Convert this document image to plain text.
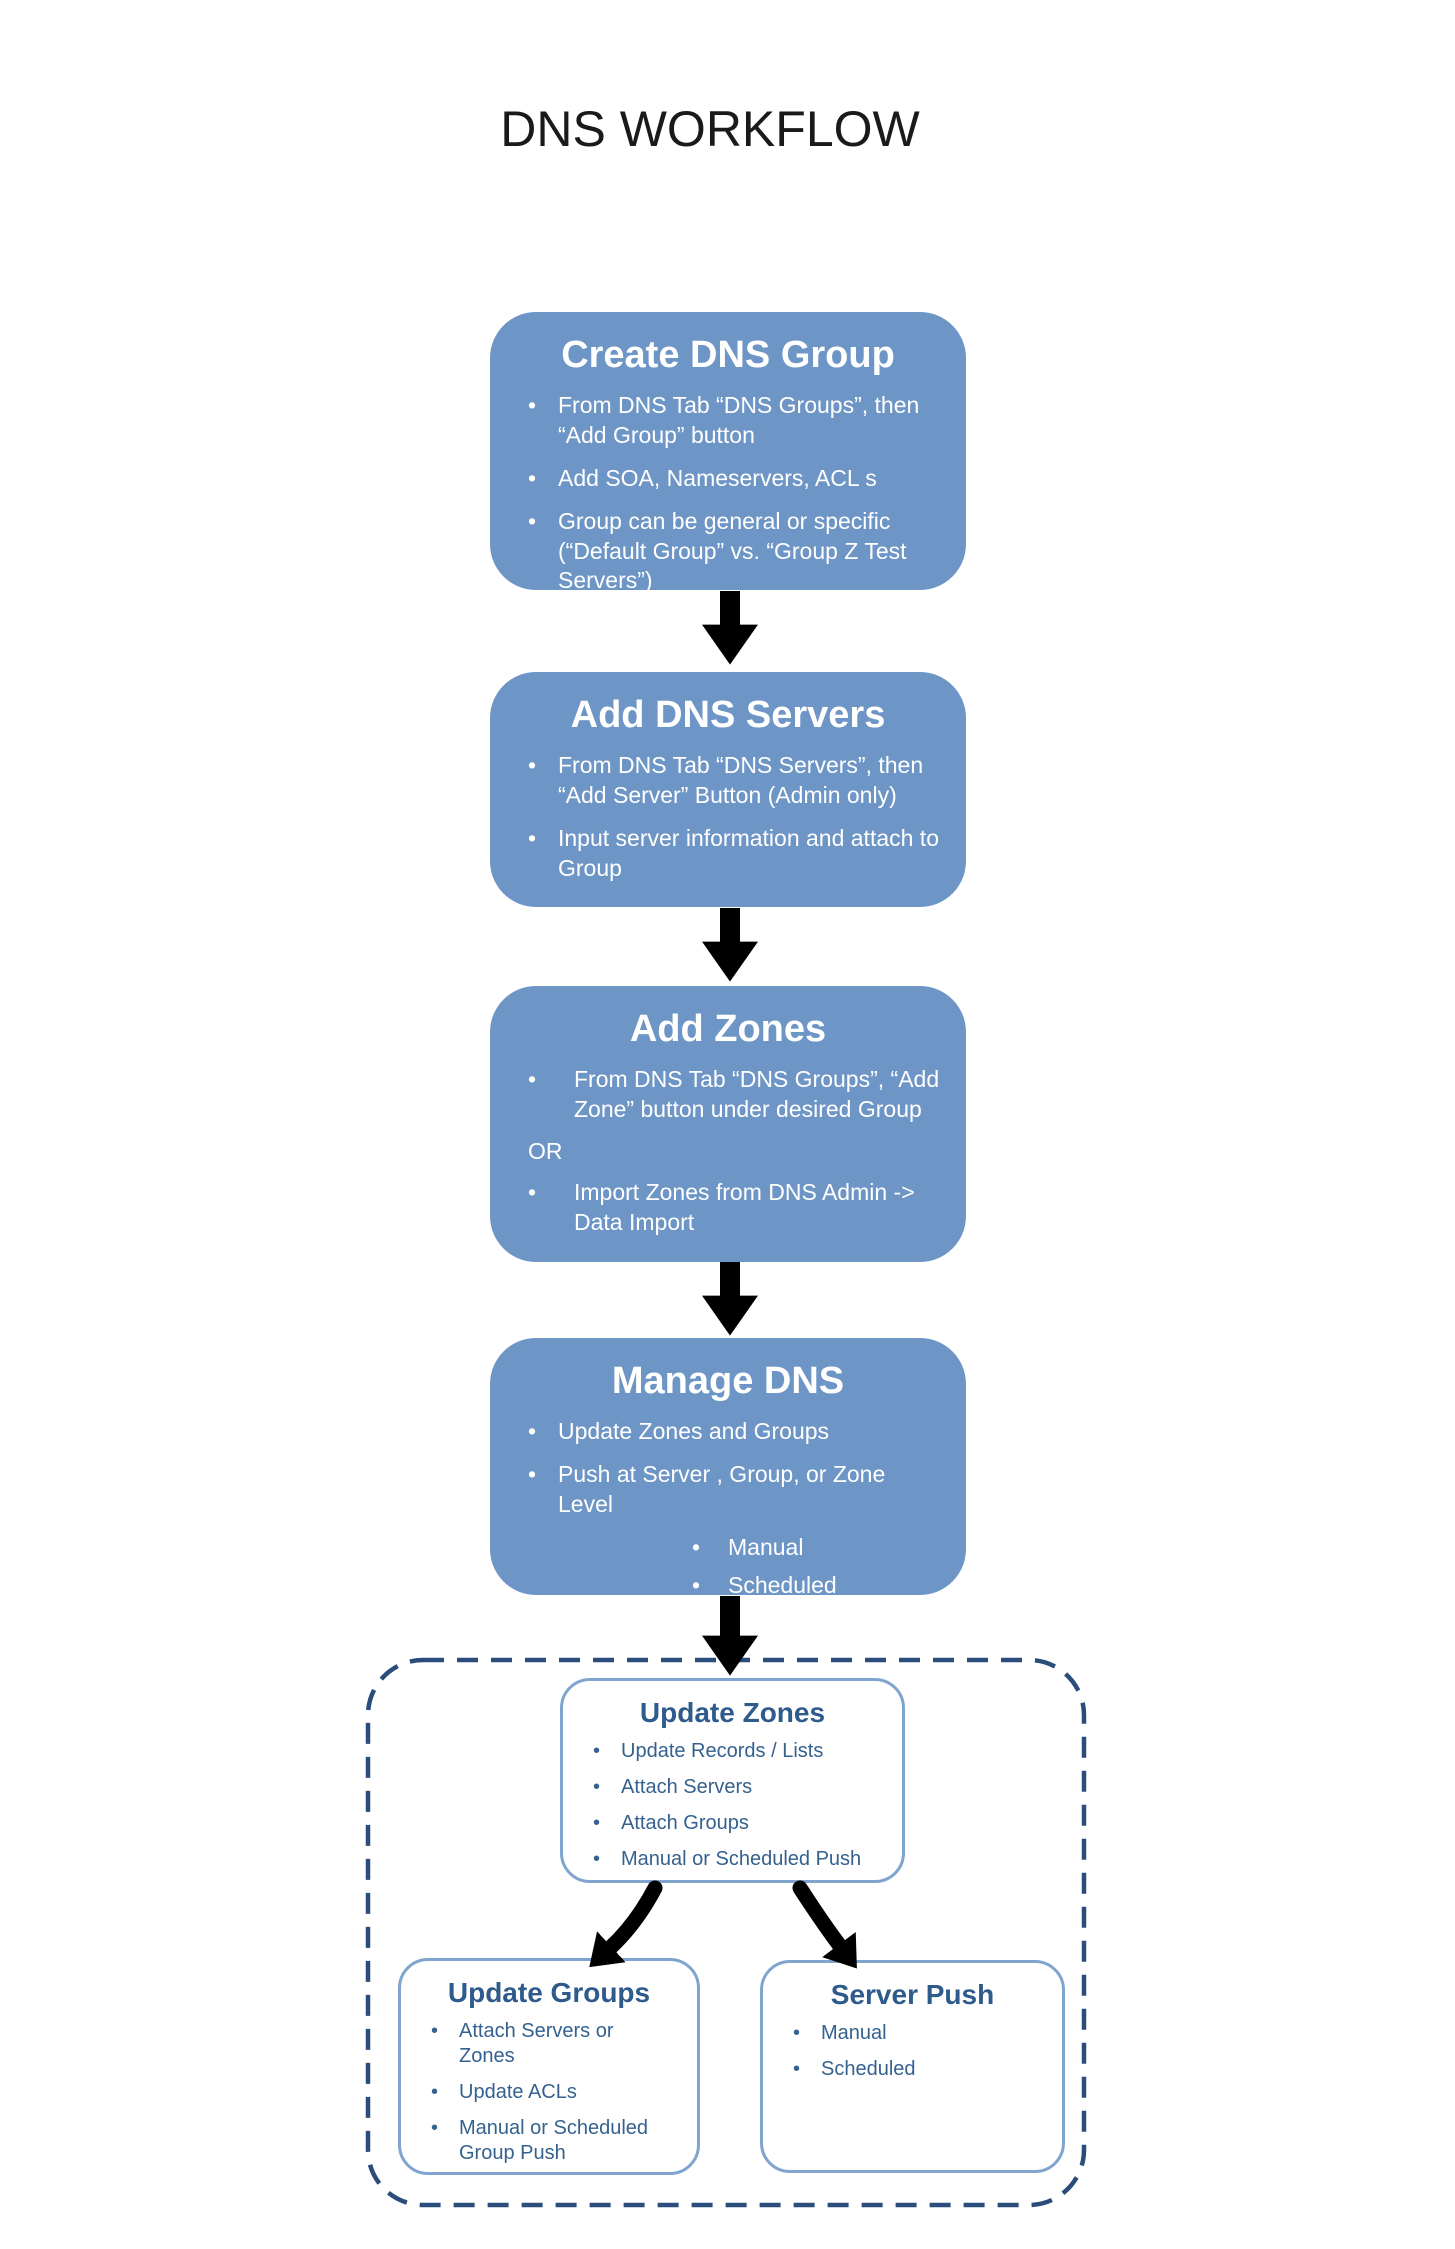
DNS WORKFLOW
Create DNS Group
• From DNS Tab “DNS Groups”, then “Add Group” button
• Add SOA, Nameservers, ACL s
• Group can be general or specific (“Default Group” vs. “Group Z Test Servers”)
Add DNS Servers
• From DNS Tab “DNS Servers”, then “Add Server” Button (Admin only)
• Input server information and attach to Group
Add Zones
•	From DNS Tab “DNS Groups”, “Add Zone” button under desired Group
OR
•	Import Zones from DNS Admin -> Data Import
Manage DNS
• Update Zones and Groups
• Push at Server , Group, or Zone Level
•	Manual
•	Scheduled
Update Zones
•	Update Records / Lists
•	Attach Servers
•	Attach Groups
•	Manual or Scheduled Push
Update Groups
•	Attach Servers or Zones
•	Update ACLs
•	Manual or Scheduled Group Push
Server Push
•	Manual
•	Scheduled
